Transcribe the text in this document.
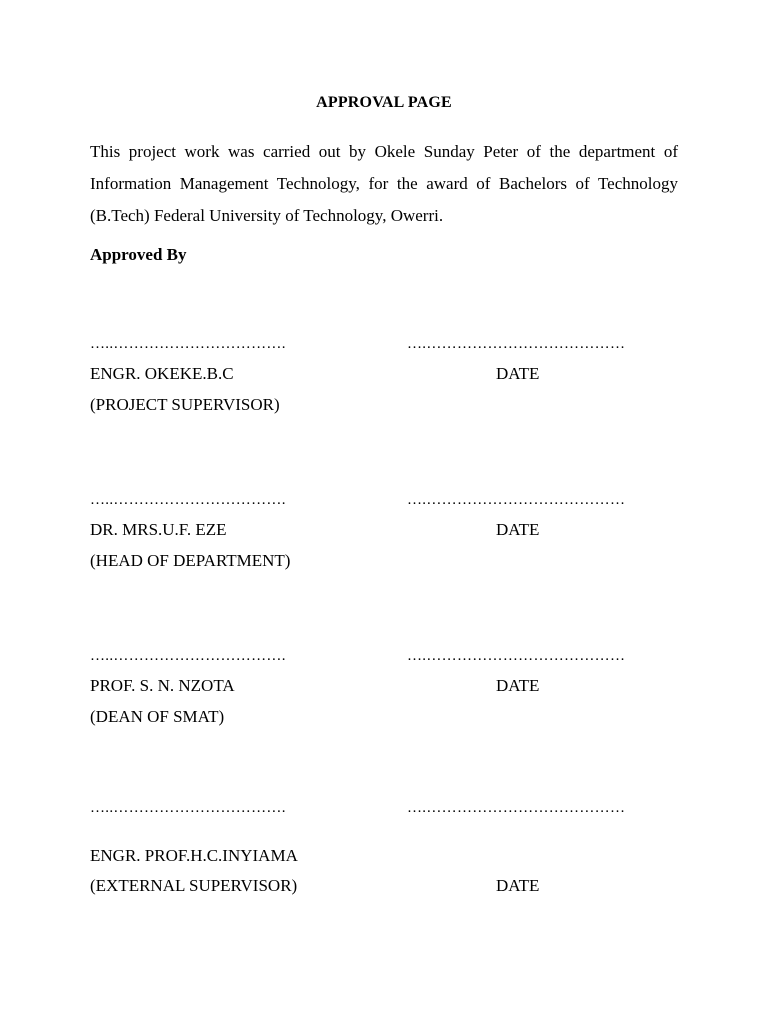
APPROVAL PAGE
This project work was carried out by Okele Sunday Peter of the department of Information Management Technology, for the award of Bachelors of Technology (B.Tech) Federal University of Technology, Owerri.
Approved By
…..…………………………….	….…………………………………
ENGR. OKEKE.B.C	DATE
(PROJECT SUPERVISOR)
…..…………………………….	….…………………………………
DR. MRS.U.F. EZE	DATE
(HEAD OF DEPARTMENT)
…..…………………………….	….…………………………………
PROF. S. N. NZOTA	DATE
(DEAN OF SMAT)
…..…………………………….	….…………………………………
ENGR. PROF.H.C.INYIAMA
(EXTERNAL SUPERVISOR)	DATE
